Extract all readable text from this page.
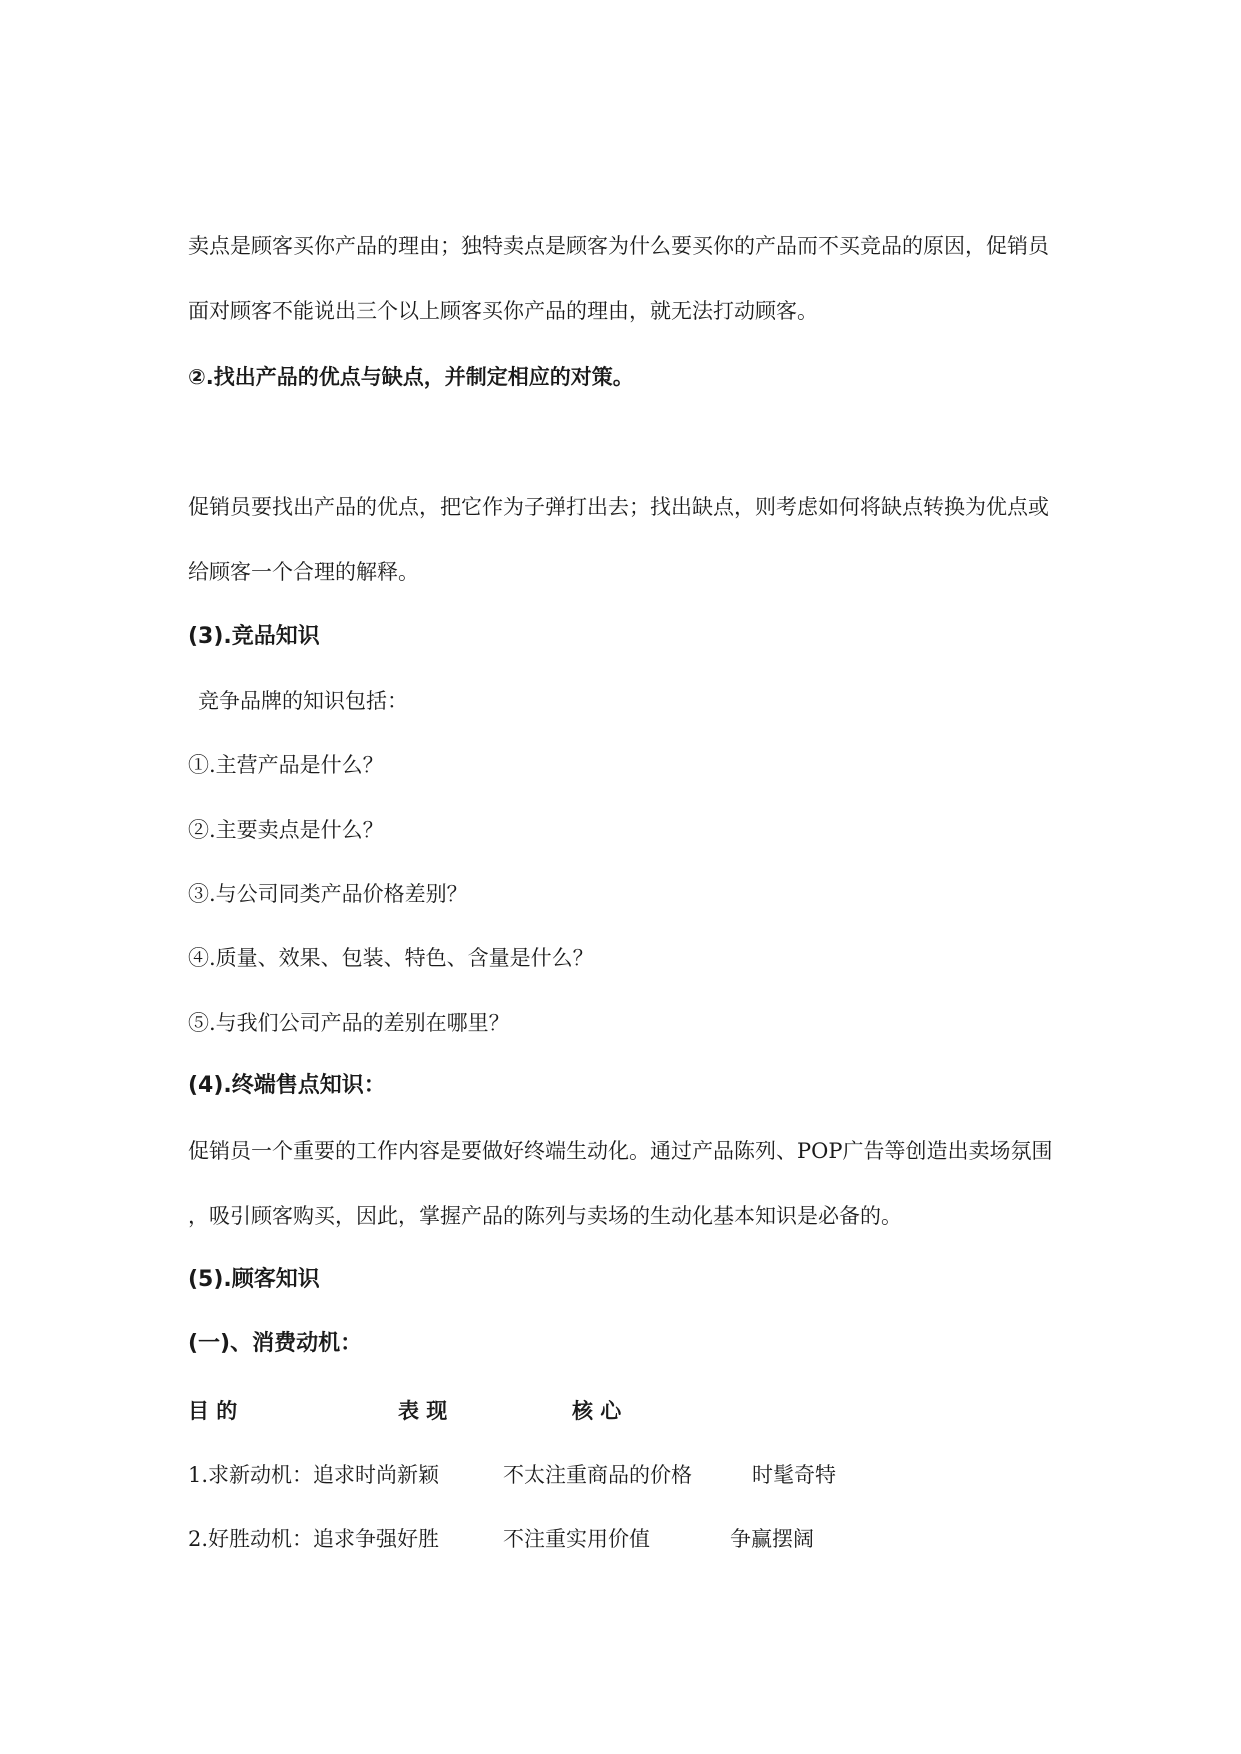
卖点是顾客买你产品的理由；独特卖点是顾客为什么要买你的产品而不买竞品的原因，促销员
面对顾客不能说出三个以上顾客买你产品的理由，就无法打动顾客。
②.找出产品的优点与缺点，并制定相应的对策。
促销员要找出产品的优点，把它作为子弹打出去；找出缺点，则考虑如何将缺点转换为优点或
给顾客一个合理的解释。
(3).竞品知识
竞争品牌的知识包括：
①.主营产品是什么？
②.主要卖点是什么？
③.与公司同类产品价格差别？
④.质量、效果、包装、特色、含量是什么？
⑤.与我们公司产品的差别在哪里？
(4).终端售点知识：
促销员一个重要的工作内容是要做好终端生动化。通过产品陈列、POP广告等创造出卖场氛围
，吸引顾客购买，因此，掌握产品的陈列与卖场的生动化基本知识是必备的。
(5).顾客知识
(一)、消费动机：
目 的	表 现	核 心
1.求新动机：追求时尚新颖	不太注重商品的价格	时髦奇特
2.好胜动机：追求争强好胜	不注重实用价值	争赢摆阔
